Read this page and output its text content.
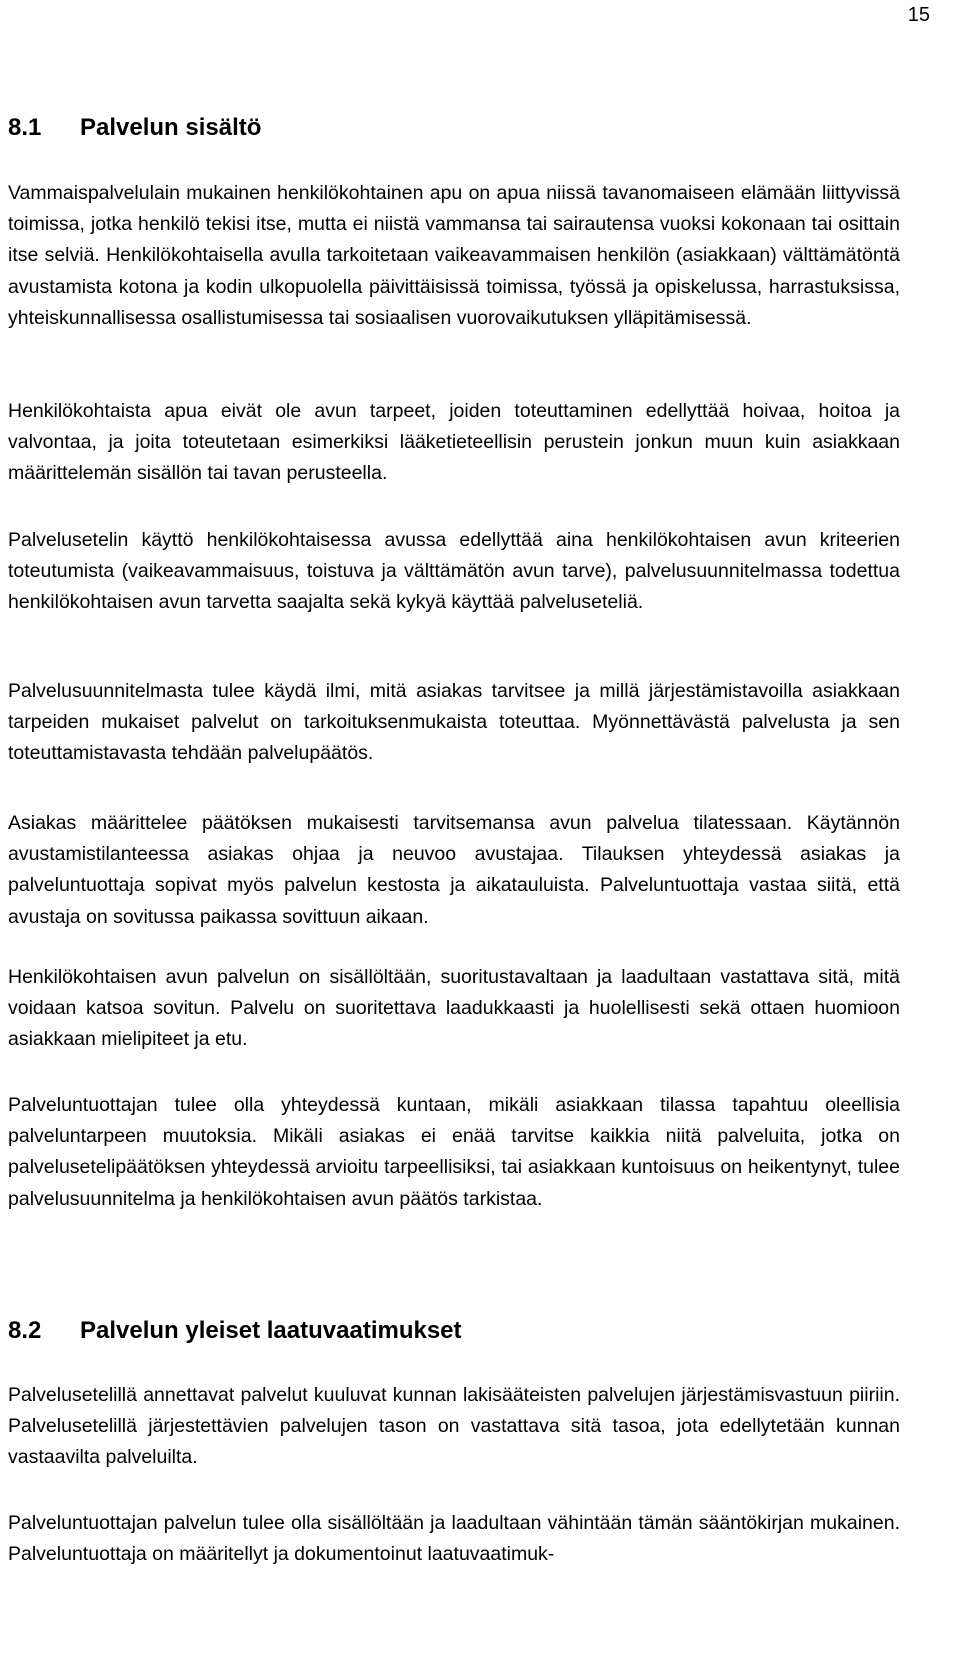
15
8.1	Palvelun sisältö

Vammaispalvelulain mukainen henkilökohtainen apu on apua niissä tavanomaiseen elämään liittyvissä toimissa, jotka henkilö tekisi itse, mutta ei niistä vammansa tai sairautensa vuoksi kokonaan tai osittain itse selviä. Henkilökohtaisella avulla tarkoitetaan vaikeavammaisen henkilön (asiakkaan) välttämätöntä avustamista kotona ja kodin ulkopuolella päivittäisissä toimissa, työssä ja opiskelussa, harrastuksissa, yhteiskunnallisessa osallistumisessa tai sosiaalisen vuorovaikutuksen ylläpitämisessä.

Henkilökohtaista apua eivät ole avun tarpeet, joiden toteuttaminen edellyttää hoivaa, hoitoa ja valvontaa, ja joita toteutetaan esimerkiksi lääketieteellisin perustein jonkun muun kuin asiakkaan määrittelemän sisällön tai tavan perusteella.

Palvelusetelin käyttö henkilökohtaisessa avussa edellyttää aina henkilökohtaisen avun kriteerien toteutumista (vaikeavammaisuus, toistuva ja välttämätön avun tarve), palvelusuunnitelmassa todettua henkilökohtaisen avun tarvetta saajalta sekä kykyä käyttää palveluseteliä.

Palvelusuunnitelmasta tulee käydä ilmi, mitä asiakas tarvitsee ja millä järjestämistavoilla asiakkaan tarpeiden mukaiset palvelut on tarkoituksenmukaista toteuttaa. Myönnettävästä palvelusta ja sen toteuttamistavasta tehdään palvelupäätös.

Asiakas määrittelee päätöksen mukaisesti tarvitsemansa avun palvelua tilatessaan. Käytännön avustamistilanteessa asiakas ohjaa ja neuvoo avustajaa. Tilauksen yhteydessä asiakas ja palveluntuottaja sopivat myös palvelun kestosta ja aikatauluista. Palveluntuottaja vastaa siitä, että avustaja on sovitussa paikassa sovittuun aikaan.

Henkilökohtaisen avun palvelun on sisällöltään, suoritustavaltaan ja laadultaan vastattava sitä, mitä voidaan katsoa sovitun. Palvelu on suoritettava laadukkaasti ja huolellisesti sekä ottaen huomioon asiakkaan mielipiteet ja etu.

Palveluntuottajan tulee olla yhteydessä kuntaan, mikäli asiakkaan tilassa tapahtuu oleellisia palveluntarpeen muutoksia. Mikäli asiakas ei enää tarvitse kaikkia niitä palveluita, jotka on palvelusetelipäätöksen yhteydessä arvioitu tarpeellisiksi, tai asiakkaan kuntoisuus on heikentynyt, tulee palvelusuunnitelma ja henkilökohtaisen avun päätös tarkistaa.

8.2	Palvelun yleiset laatuvaatimukset

Palvelusetelillä annettavat palvelut kuuluvat kunnan lakisääteisten palvelujen järjestämisvastuun piiriin. Palvelusetelillä järjestettävien palvelujen tason on vastattava sitä tasoa, jota edellytetään kunnan vastaavilta palveluilta.

Palveluntuottajan palvelun tulee olla sisällöltään ja laadultaan vähintään tämän sääntökirjan mukainen. Palveluntuottaja on määritellyt ja dokumentoinut laatuvaatimuk-
